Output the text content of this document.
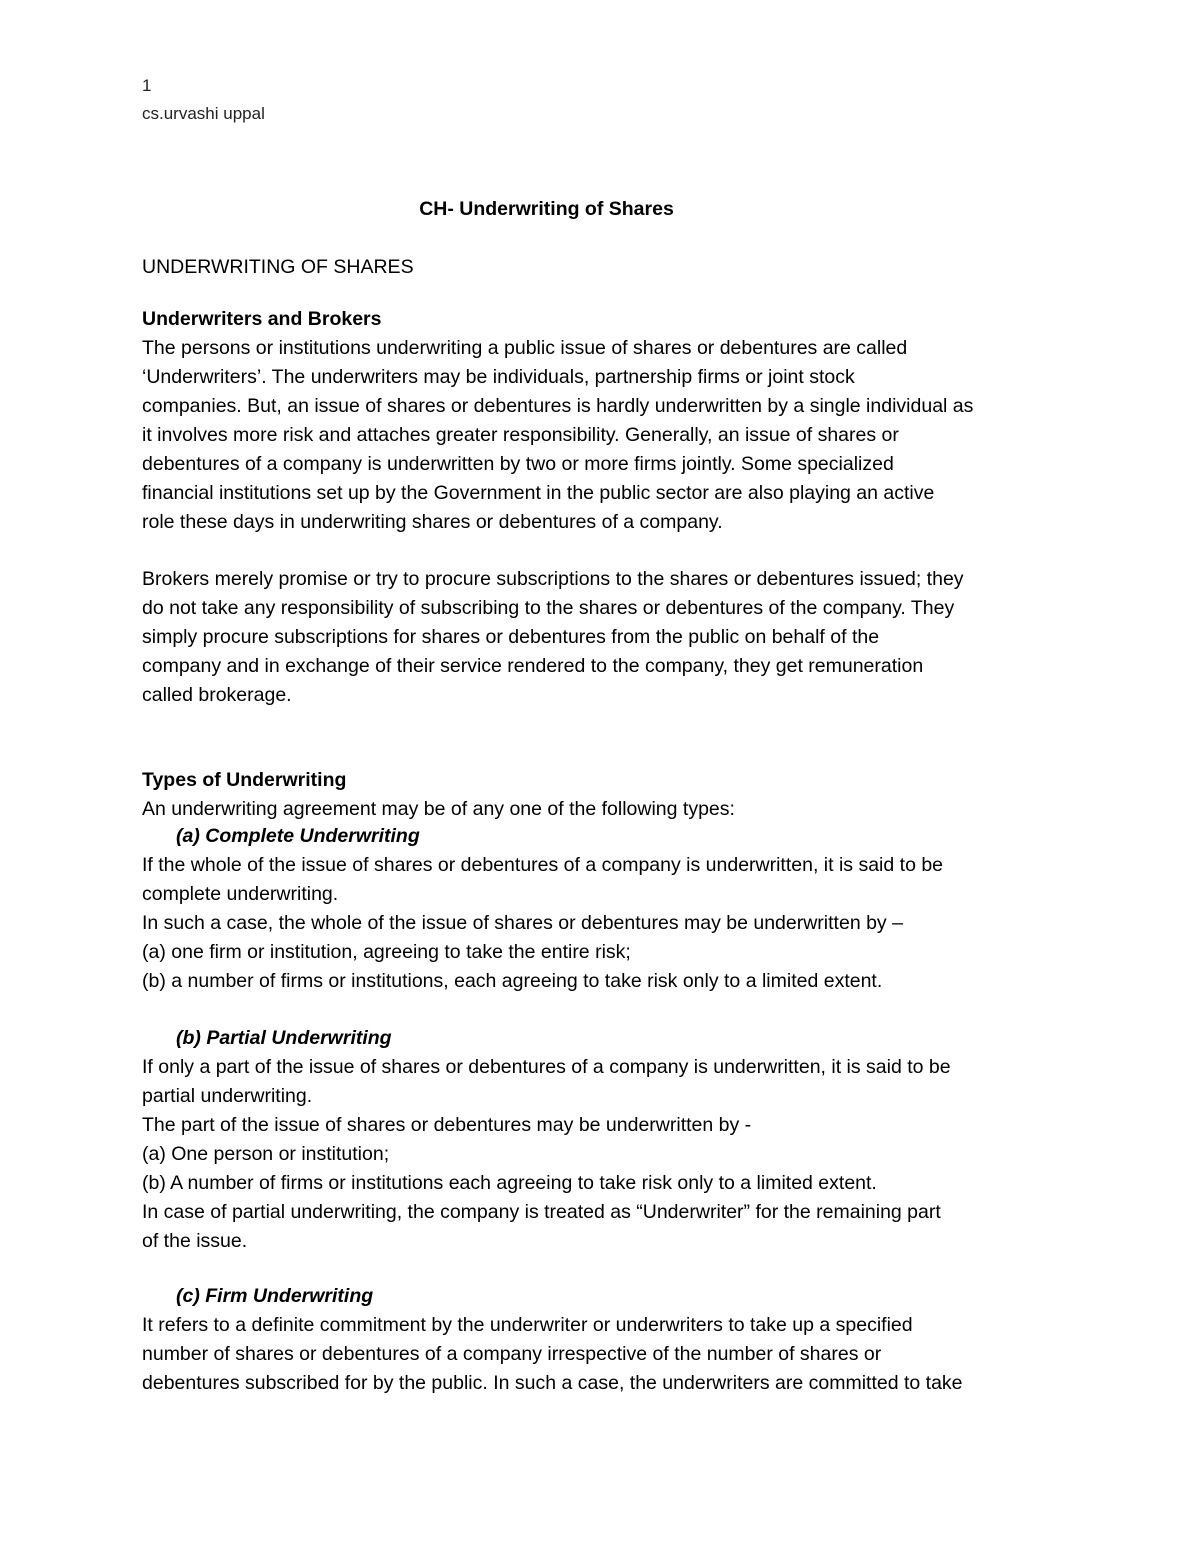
1
cs.urvashi uppal
CH- Underwriting of Shares
UNDERWRITING OF SHARES
Underwriters and Brokers
The persons or institutions underwriting a public issue of shares or debentures are called
‘Underwriters’. The underwriters may be individuals, partnership firms or joint stock
companies. But, an issue of shares or debentures is hardly underwritten by a single individual as
it involves more risk and attaches greater responsibility. Generally, an issue of shares or
debentures of a company is underwritten by two or more firms jointly. Some specialized
financial institutions set up by the Government in the public sector are also playing an active
role these days in underwriting shares or debentures of a company.
Brokers merely promise or try to procure subscriptions to the shares or debentures issued; they
do not take any responsibility of subscribing to the shares or debentures of the company. They
simply procure subscriptions for shares or debentures from the public on behalf of the
company and in exchange of their service rendered to the company, they get remuneration
called brokerage.
Types of Underwriting
An underwriting agreement may be of any one of the following types:
(a) Complete Underwriting
If the whole of the issue of shares or debentures of a company is underwritten, it is said to be
complete underwriting.
In such a case, the whole of the issue of shares or debentures may be underwritten by –
(a) one firm or institution, agreeing to take the entire risk;
(b) a number of firms or institutions, each agreeing to take risk only to a limited extent.
(b) Partial Underwriting
If only a part of the issue of shares or debentures of a company is underwritten, it is said to be
partial underwriting.
The part of the issue of shares or debentures may be underwritten by -
(a) One person or institution;
(b) A number of firms or institutions each agreeing to take risk only to a limited extent.
In case of partial underwriting, the company is treated as “Underwriter” for the remaining part
of the issue.
(c) Firm Underwriting
It refers to a definite commitment by the underwriter or underwriters to take up a specified
number of shares or debentures of a company irrespective of the number of shares or
debentures subscribed for by the public. In such a case, the underwriters are committed to take
